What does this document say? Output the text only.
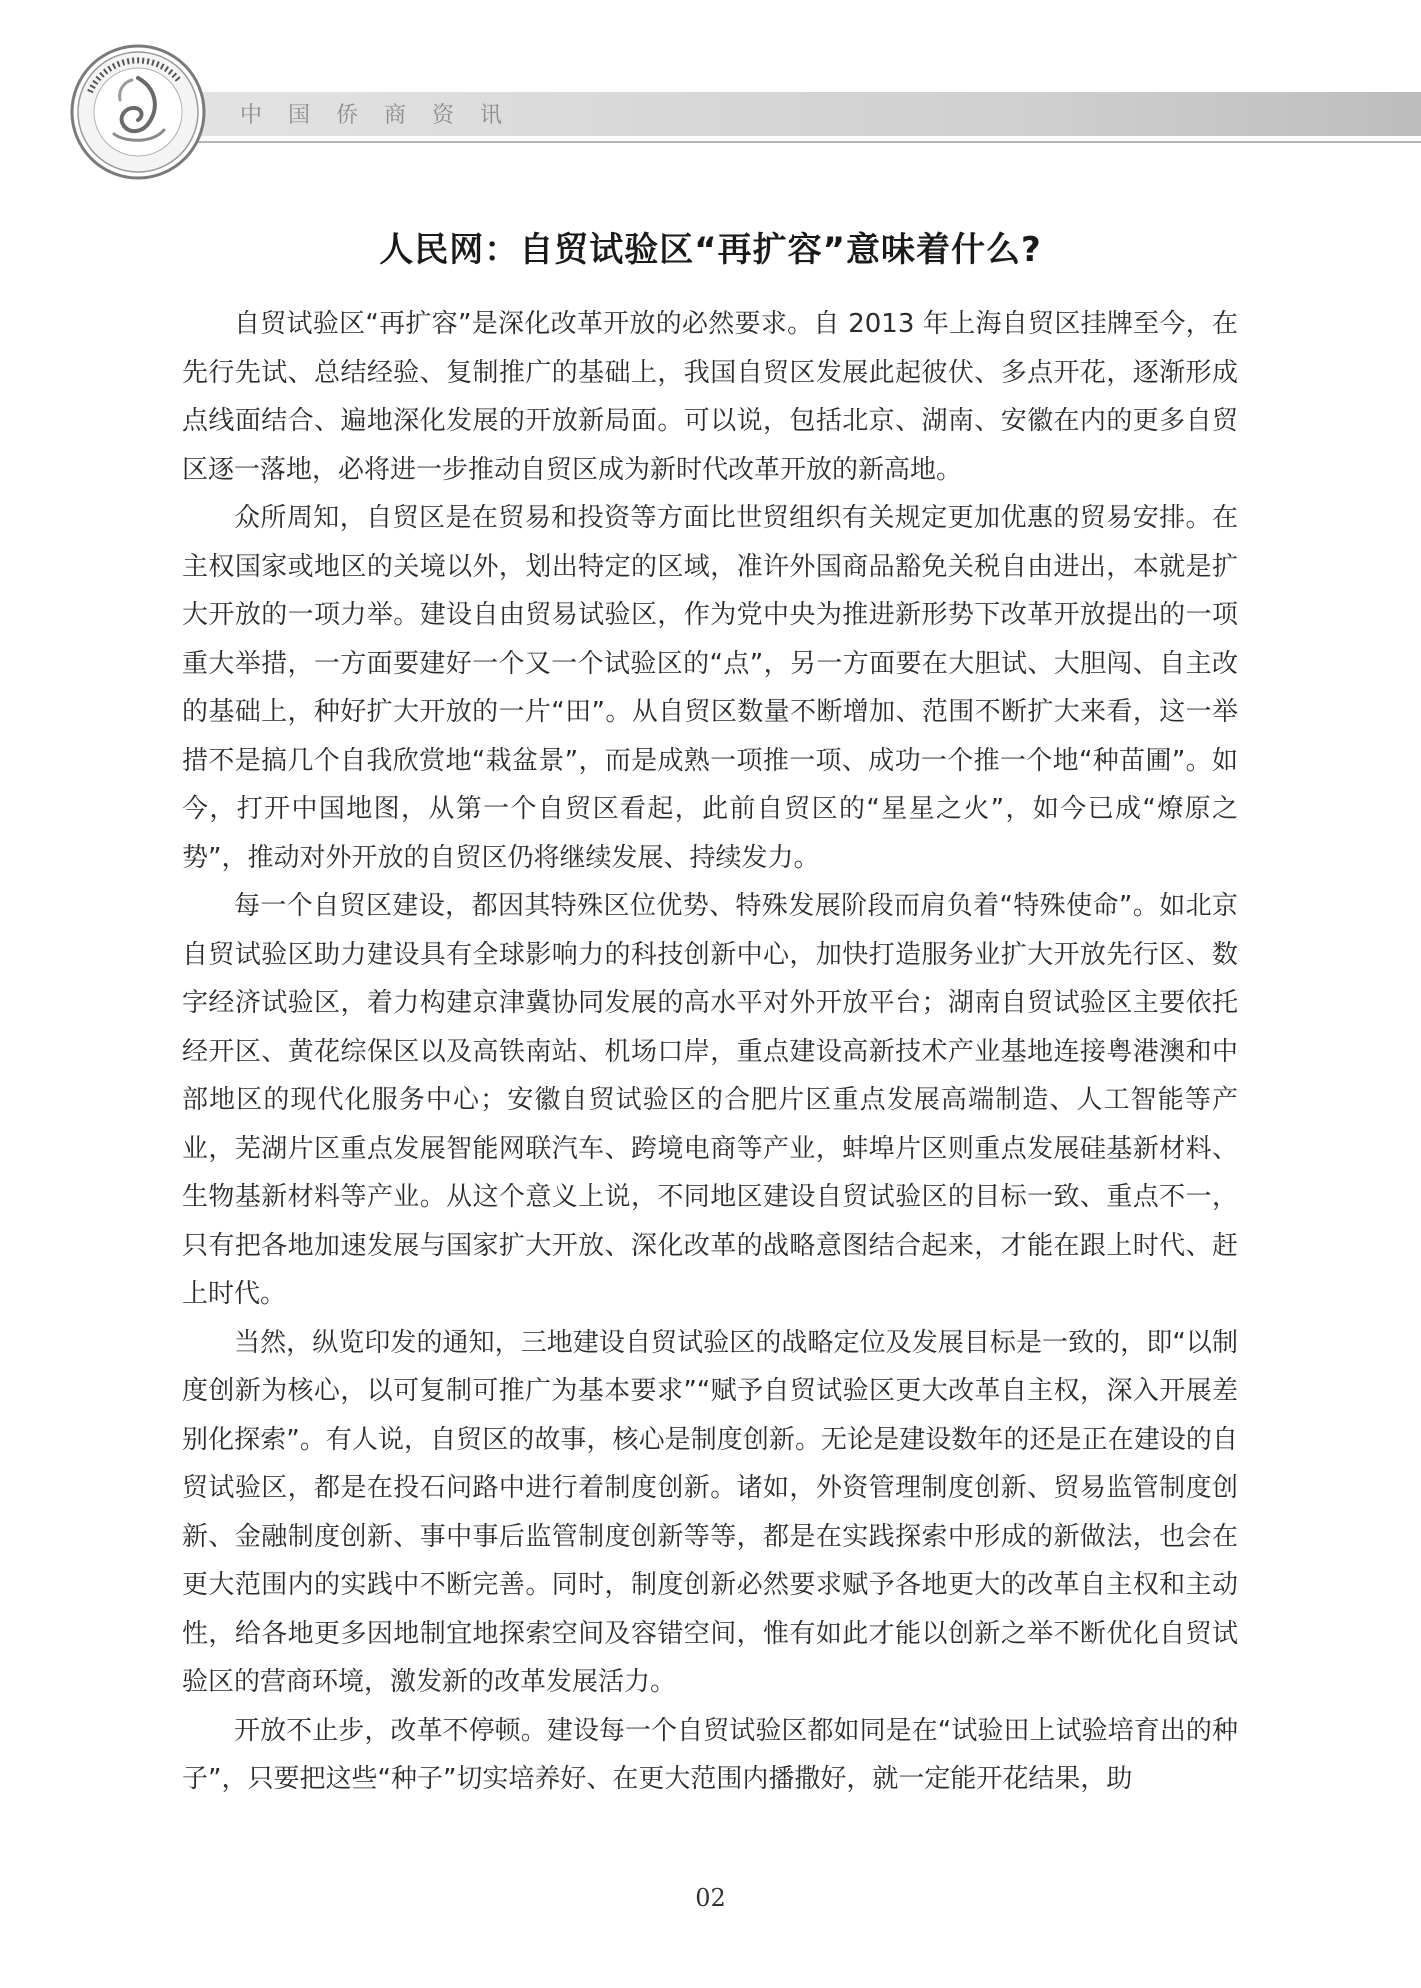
中国侨商资讯
人民网：自贸试验区“再扩容”意味着什么?

自贸试验区“再扩容”是深化改革开放的必然要求。自 2013 年上海自贸区挂牌至今，在先行先试、总结经验、复制推广的基础上，我国自贸区发展此起彼伏、多点开花，逐渐形成点线面结合、遍地深化发展的开放新局面。可以说，包括北京、湖南、安徽在内的更多自贸区逐一落地，必将进一步推动自贸区成为新时代改革开放的新高地。

众所周知，自贸区是在贸易和投资等方面比世贸组织有关规定更加优惠的贸易安排。在主权国家或地区的关境以外，划出特定的区域，准许外国商品豁免关税自由进出，本就是扩大开放的一项力举。建设自由贸易试验区，作为党中央为推进新形势下改革开放提出的一项重大举措，一方面要建好一个又一个试验区的“点”，另一方面要在大胆试、大胆闯、自主改的基础上，种好扩大开放的一片“田”。从自贸区数量不断增加、范围不断扩大来看，这一举措不是搞几个自我欣赏地“栽盆景”，而是成熟一项推一项、成功一个推一个地“种苗圃”。如今，打开中国地图，从第一个自贸区看起，此前自贸区的“星星之火”，如今已成“燎原之势”，推动对外开放的自贸区仍将继续发展、持续发力。

每一个自贸区建设，都因其特殊区位优势、特殊发展阶段而肩负着“特殊使命”。如北京自贸试验区助力建设具有全球影响力的科技创新中心，加快打造服务业扩大开放先行区、数字经济试验区，着力构建京津冀协同发展的高水平对外开放平台；湖南自贸试验区主要依托经开区、黄花综保区以及高铁南站、机场口岸，重点建设高新技术产业基地连接粤港澳和中部地区的现代化服务中心；安徽自贸试验区的合肥片区重点发展高端制造、人工智能等产业，芜湖片区重点发展智能网联汽车、跨境电商等产业，蚌埠片区则重点发展硅基新材料、生物基新材料等产业。从这个意义上说，不同地区建设自贸试验区的目标一致、重点不一，只有把各地加速发展与国家扩大开放、深化改革的战略意图结合起来，才能在跟上时代、赶上时代。

当然，纵览印发的通知，三地建设自贸试验区的战略定位及发展目标是一致的，即“以制度创新为核心，以可复制可推广为基本要求”“赋予自贸试验区更大改革自主权，深入开展差别化探索”。有人说，自贸区的故事，核心是制度创新。无论是建设数年的还是正在建设的自贸试验区，都是在投石问路中进行着制度创新。诸如，外资管理制度创新、贸易监管制度创新、金融制度创新、事中事后监管制度创新等等，都是在实践探索中形成的新做法，也会在更大范围内的实践中不断完善。同时，制度创新必然要求赋予各地更大的改革自主权和主动性，给各地更多因地制宜地探索空间及容错空间，惟有如此才能以创新之举不断优化自贸试验区的营商环境，激发新的改革发展活力。

开放不止步，改革不停顿。建设每一个自贸试验区都如同是在“试验田上试验培育出的种子”，只要把这些“种子”切实培养好、在更大范围内播撒好，就一定能开花结果，助

02
